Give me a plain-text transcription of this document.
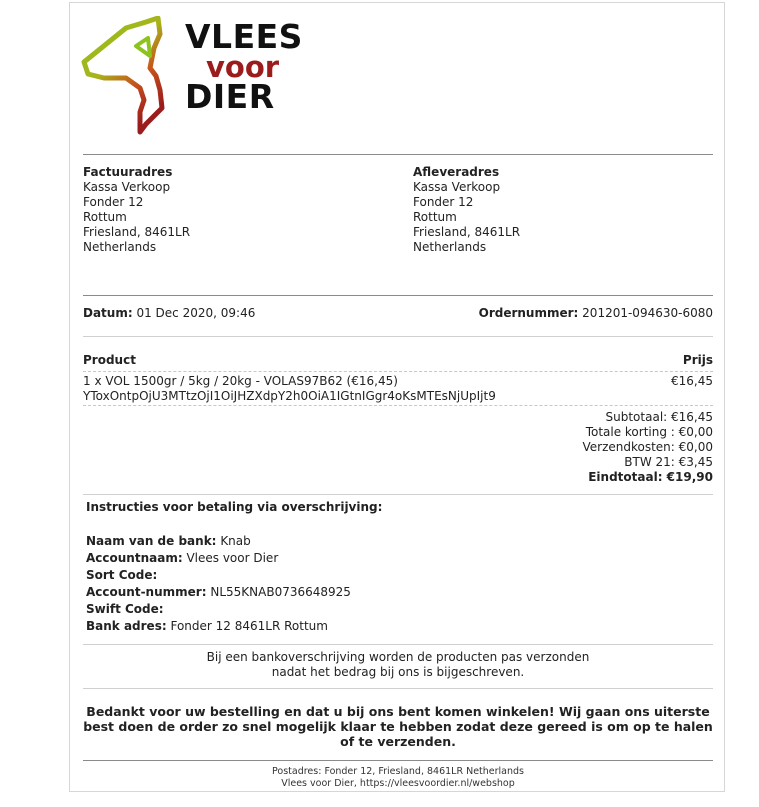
VLEES
voor
DIER
Factuuradres
Kassa Verkoop
Fonder 12
Rottum
Friesland, 8461LR
Netherlands
Afleveradres
Kassa Verkoop
Fonder 12
Rottum
Friesland, 8461LR
Netherlands
Datum: 01 Dec 2020, 09:46	Ordernummer: 201201-094630-6080
Product	Prijs
1 x VOL 1500gr / 5kg / 20kg - VOLAS97B62 (€16,45)
YToxOntpOjU3MTtzOjI1OiJHZXdpY2h0OiA1IGtnIGgr4oKsMTEsNjUpIjt9
€16,45
Subtotaal: €16,45
Totale korting : €0,00
Verzendkosten: €0,00
BTW 21: €3,45
Eindtotaal: €19,90
Instructies voor betaling via overschrijving:
Naam van de bank: Knab
Accountnaam: Vlees voor Dier
Sort Code:
Account-nummer: NL55KNAB0736648925
Swift Code:
Bank adres: Fonder 12 8461LR Rottum
Bij een bankoverschrijving worden de producten pas verzonden nadat het bedrag bij ons is bijgeschreven.
Bedankt voor uw bestelling en dat u bij ons bent komen winkelen! Wij gaan ons uiterste best doen de order zo snel mogelijk klaar te hebben zodat deze gereed is om op te halen of te verzenden.
Postadres: Fonder 12, Friesland, 8461LR Netherlands
Vlees voor Dier, https://vleesvoordier.nl/webshop
